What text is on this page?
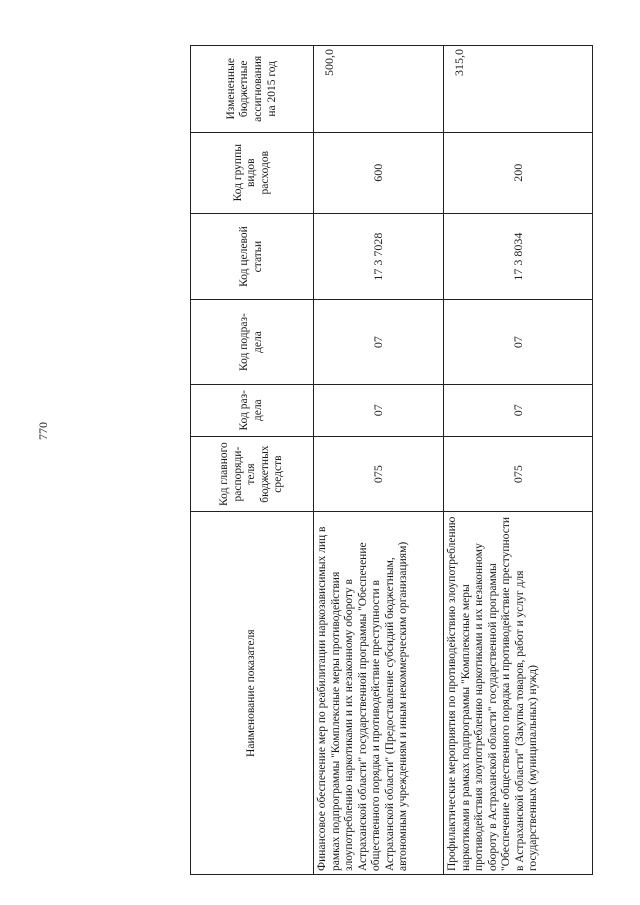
770
Наименование показателя	Код главного распоряди-теля бюджетных средств	Код раз-дела	Код подраз-дела	Код целевой статьи	Код группы видов расходов	Измененные бюджетные ассигнования на 2015 год
Финансовое обеспечение мер по реабилитации наркозависимых лиц в рамках подпрограммы "Комплексные меры противодействия злоупотреблению наркотиками и их незаконному обороту в Астраханской области" государственной программы "Обеспечение общественного порядка и противодействие преступности в Астраханской области" (Предоставление субсидий бюджетным, автономным учреждениям и иным некоммерческим организациям)	075	07	07	17 3 7028	600	500,0
Профилактические мероприятия по противодействию злоупотреблению наркотиками в рамках подпрограммы "Комплексные меры противодействия злоупотреблению наркотиками и их незаконному обороту в Астраханской области" государственной программы "Обеспечение общественного порядка и противодействие преступности в Астраханской области" (Закупка товаров, работ и услуг для государственных (муниципальных) нужд)	075	07	07	17 3 8034	200	315,0
